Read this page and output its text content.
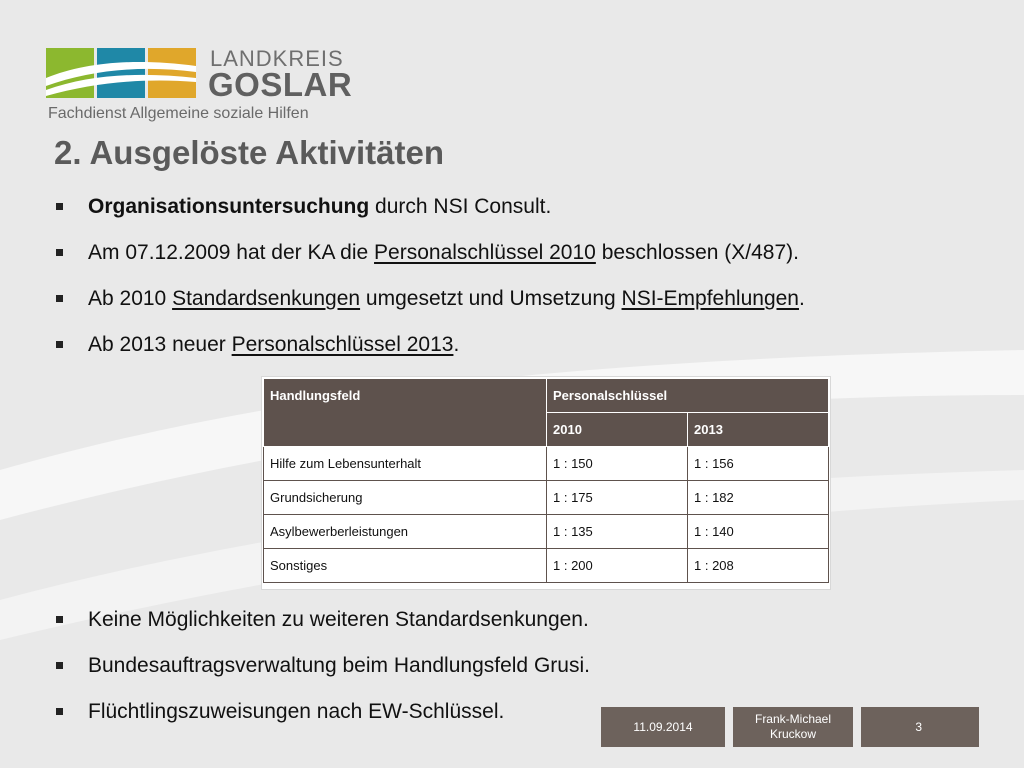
LANDKREIS
GOSLAR
Fachdienst Allgemeine soziale Hilfen
2. Ausgelöste Aktivitäten
Organisationsuntersuchung durch NSI Consult.
Am 07.12.2009 hat der KA die Personalschlüssel 2010 beschlossen (X/487).
Ab 2010 Standardsenkungen umgesetzt und Umsetzung NSI-Empfehlungen.
Ab 2013 neuer Personalschlüssel 2013.
Handlungsfeld	Personalschlüssel	
	2010	2013
Hilfe zum Lebensunterhalt	1 : 150	1 : 156
Grundsicherung	1 : 175	1 : 182
Asylbewerberleistungen	1 : 135	1 : 140
Sonstiges	1 : 200	1 : 208
Keine Möglichkeiten zu weiteren Standardsenkungen.
Bundesauftragsverwaltung beim Handlungsfeld Grusi.
Flüchtlingszuweisungen nach EW-Schlüssel.
11.09.2014
Frank-Michael
Kruckow
3
